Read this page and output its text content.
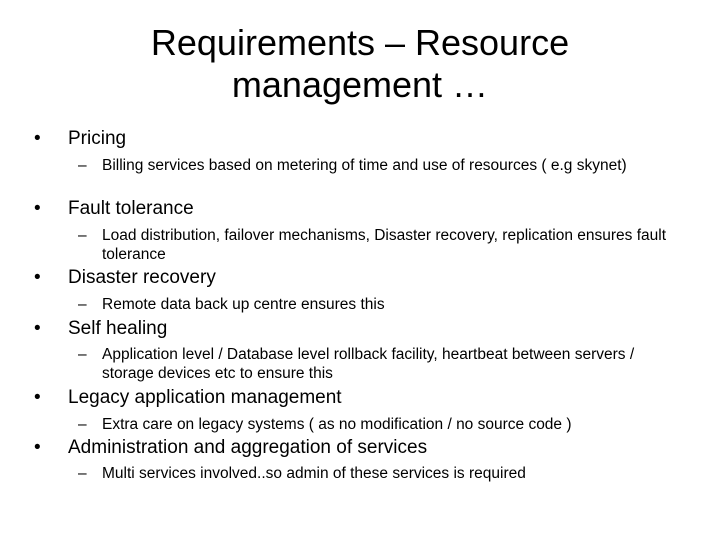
Requirements – Resource
management …
• Pricing
– Billing services based on metering of time and use of resources ( e.g skynet)
• Fault tolerance
– Load distribution, failover mechanisms, Disaster recovery, replication ensures fault tolerance
• Disaster recovery
– Remote data back up centre ensures this
• Self healing
– Application level / Database level rollback facility, heartbeat between servers / storage devices etc to ensure this
• Legacy application management
– Extra care on legacy systems ( as no modification / no source code )
• Administration and aggregation of services
– Multi services involved..so admin of these services is required
